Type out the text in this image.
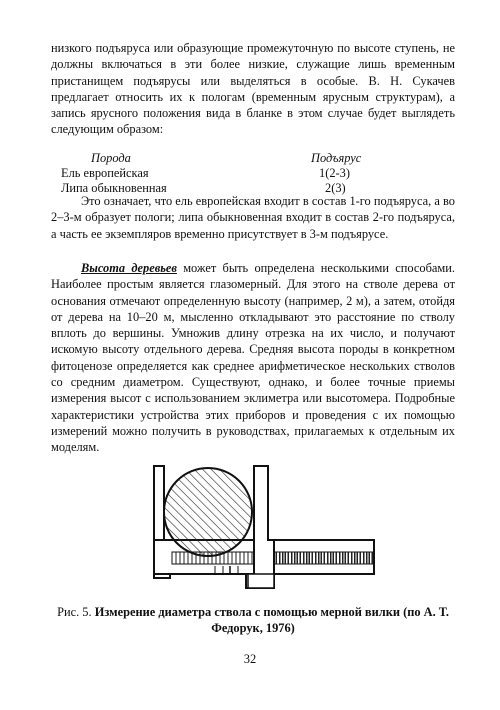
низкого подъяруса или образующие промежуточную по высоте ступень, не должны включаться в эти более низкие, служащие лишь временным пристанищем подъярусы или выделяться в особые. В. Н. Сукачев предлагает относить их к пологам (временным ярусным структурам), а запись ярусного положения вида в бланке в этом случае будет выглядеть следующим образом:

Порода	Подъярус
Ель европейская	1(2-3)
Липа обыкновенная	2(3)

Это означает, что ель европейская входит в состав 1-го подъяруса, а во 2–3-м образует пологи; липа обыкновенная входит в состав 2-го подъяруса, а часть ее экземпляров временно присутствует в 3-м подъярусе.

Высота деревьев может быть определена несколькими способами. Наиболее простым является глазомерный. Для этого на стволе дерева от основания отмечают определенную высоту (например, 2 м), а затем, отойдя от дерева на 10–20 м, мысленно откладывают это расстояние по стволу вплоть до вершины. Умножив длину отрезка на их число, и получают искомую высоту отдельного дерева. Средняя высота породы в конкретном фитоценозе определяется как среднее арифметическое нескольких стволов со средним диаметром. Существуют, однако, и более точные приемы измерения высот с использованием эклиметра или высотомера. Подробные характеристики устройства этих приборов и проведения с их помощью измерений можно получить в руководствах, прилагаемых к отдельным их моделям.

Рис. 5. Измерение диаметра ствола с помощью мерной вилки (по А. Т. Федорук, 1976)
32
